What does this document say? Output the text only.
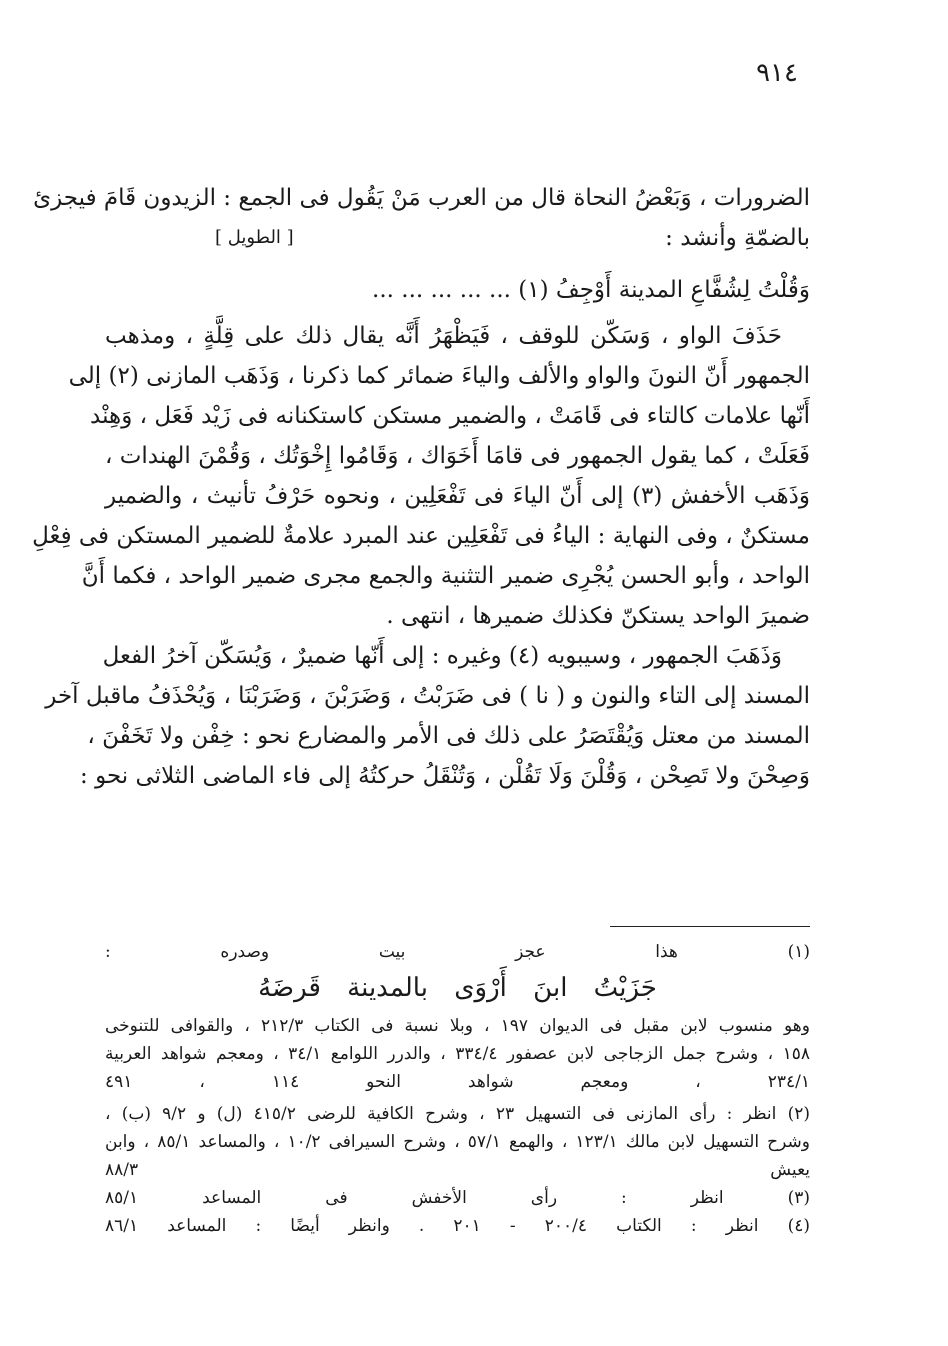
٩١٤

الضرورات ، وَبَعْضُ النحاة قال من العرب مَنْ يَقُول فى الجمع : الزيدون قَامَ فيجزئ
[ الطويل ]	بالضمّةِ وأنشد :

وَقُلْتُ لِشُفَّاعِ المدينة أَوْجِفُ (١) ... ... ... ... ...

حَذَفَ الواو ، وَسَكّن للوقف ، فَيَظْهَرُ أَنَّه يقال ذلك على قِلَّةٍ ، ومذهب
الجمهور أَنّ النونَ والواو والألف والياءَ ضمائر كما ذكرنا ، وَذَهَب المازنى (٢) إلى
أَنّها علامات كالتاء فى قَامَتْ ، والضمير مستكن كاستكنانه فى زَيْد فَعَل ، وَهِنْد
فَعَلَتْ ، كما يقول الجمهور فى قامَا أَخَوَاك ، وَقَامُوا إِخْوَتُك ، وَقُمْنَ الهندات ،
وَذَهَب الأخفش (٣) إلى أَنّ الياءَ فى تَفْعَلِين ، ونحوه حَرْفُ تأنيث ، والضمير
مستكنٌ ، وفى النهاية : الياءُ فى تَفْعَلِين عند المبرد علامةٌ للضمير المستكن فى فِعْلِ
الواحد ، وأبو الحسن يُجْرِى ضمير التثنية والجمع مجرى ضمير الواحد ، فكما أَنَّ
ضميرَ الواحد يستكنّ فكذلك ضميرها ، انتهى .

وَذَهَبَ الجمهور ، وسيبويه (٤) وغيره : إلى أَنّها ضميرٌ ، وَيُسَكّن آخرُ الفعل
المسند إلى التاء والنون و ( نا ) فى ضَرَبْتُ ، وَضَرَبْنَ ، وَضَرَبْنَا ، وَيُحْذَفُ ماقبل آخر
المسند من معتل وَيُقْتَصَرُ على ذلك فى الأمر والمضارع نحو : خِفْن ولا تَخَفْنَ ،
وَصِحْنَ ولا تَصِحْن ، وَقُلْنَ وَلَا تَقُلْن ، وَتُنْقَلُ حركتُهُ إلى فاء الماضى الثلاثى نحو :

(١) هذا عجز بيت وصدره :

جَزَيْتُ ابنَ أَرْوَى بالمدينة قَرضَهُ

وهو منسوب لابن مقبل فى الديوان ١٩٧ ، وبلا نسبة فى الكتاب ٢١٢/٣ ، والقوافى للتنوخى
١٥٨ ، وشرح جمل الزجاجى لابن عصفور ٣٣٤/٤ ، والدرر اللوامع ٣٤/١ ، ومعجم شواهد العربية
٢٣٤/١ ، ومعجم شواهد النحو ١١٤ ، ٤٩١

(٢) انظر : رأى المازنى فى التسهيل ٢٣ ، وشرح الكافية للرضى ٤١٥/٢ (ل) و ٩/٢ (ب) ،
وشرح التسهيل لابن مالك ١٢٣/١ ، والهمع ٥٧/١ ، وشرح السيرافى ١٠/٢ ، والمساعد ٨٥/١ ، وابن
يعيش ٨٨/٣

(٣) انظر : رأى الأخفش فى المساعد ٨٥/١

(٤) انظر : الكتاب ٢٠٠/٤ - ٢٠١ . وانظر أيضًا : المساعد ٨٦/١
